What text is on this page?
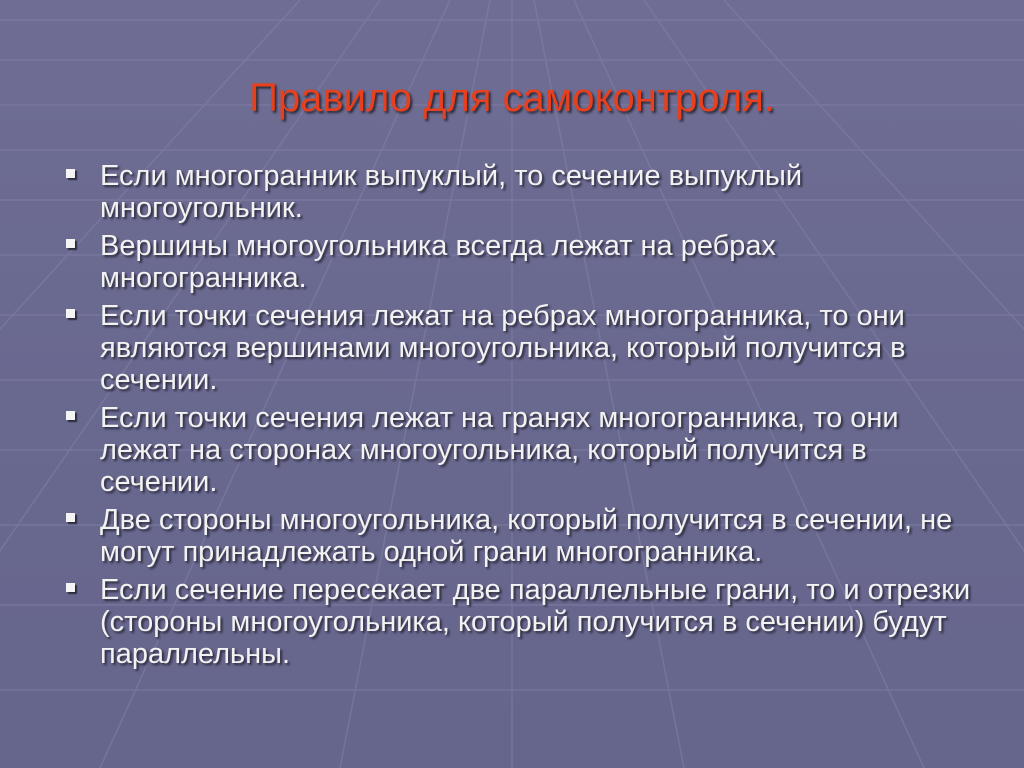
Правило для самоконтроля.
Если многогранник выпуклый, то сечение выпуклый многоугольник.
Вершины многоугольника всегда лежат на ребрах многогранника.
Если точки сечения лежат на ребрах многогранника, то они являются вершинами многоугольника, который получится в сечении.
Если точки сечения лежат на гранях многогранника, то они лежат на сторонах многоугольника, который получится в сечении.
Две стороны многоугольника, который получится в сечении, не могут принадлежать одной грани многогранника.
Если сечение пересекает две параллельные грани, то и отрезки (стороны многоугольника, который получится в сечении) будут параллельны.
